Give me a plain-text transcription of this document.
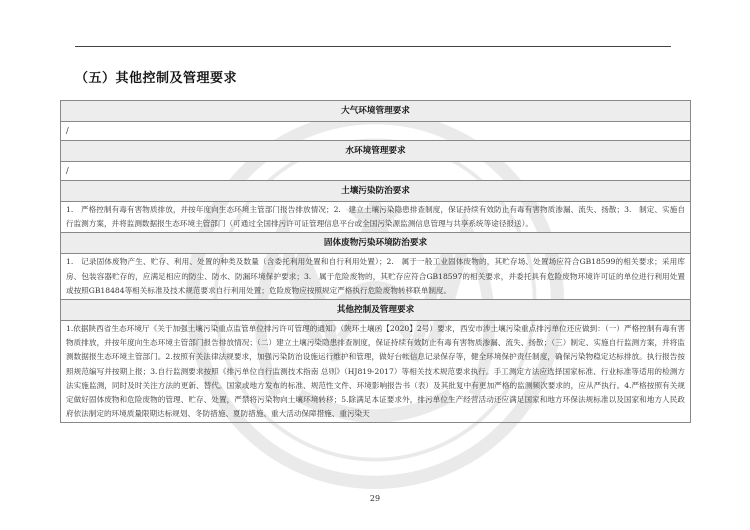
（五）其他控制及管理要求
大气环境管理要求
/
水环境管理要求
/
土壤污染防治要求
1.　严格控制有毒有害物质排放，并按年度向生态环境主管部门报告排放情况；2.　建立土壤污染隐患排查制度，保证持续有效防止有毒有害物质渗漏、流失、扬散；3.　制定、实施自行监测方案，并将监测数据报生态环境主管部门（可通过全国排污许可证管理信息平台或全国污染源监测信息管理与共享系统等途径报送）。
固体废物污染环境防治要求
1.　记录固体废物产生、贮存、利用、处置的种类及数量（含委托利用处置和自行利用处置）；2.　属于一般工业固体废物的，其贮存场、处置场应符合GB18599的相关要求；采用库房、包装容器贮存的，应满足相应的防尘、防水、防漏环境保护要求；3.　属于危险废物的，其贮存应符合GB18597的相关要求，并委托具有危险废物环境许可证的单位进行利用处置或按照GB18484等相关标准及技术规范要求自行利用处置；危险废物应按照规定严格执行危险废物转移联单制度。
其他控制及管理要求
1.依据陕西省生态环境厅《关于加强土壤污染重点监管单位排污许可管理的通知》（陕环土壤函【2020】2号）要求，西安市涉土壤污染重点排污单位还应做到：（一）严格控制有毒有害物质排放，并按年度向生态环境主管部门报告排放情况；（二）建立土壤污染隐患排查制度，保证持续有效防止有毒有害物质渗漏、流失、扬散；（三）制定、实施自行监测方案，并将监测数据报生态环境主管部门。2.按照有关法律法规要求，加强污染防治设施运行维护和管理，做好台帐信息记录保存等，健全环境保护责任制度，确保污染物稳定达标排放。执行报告按照规范编写并按期上报；3.自行监测要求按照《排污单位自行监测技术指南 总则》（HJ819-2017）等相关技术规范要求执行。手工测定方法应选择国家标准、行业标准等适用的检测方法实施监测，同时及时关注方法的更新、替代。国家或地方发布的标准、规范性文件、环境影响报告书（表）及其批复中有更加严格的监测频次要求的，应从严执行。4.严格按照有关规定做好固体废物和危险废物的管理、贮存、处置，严禁将污染物向土壤环境转移；5.除满足本证要求外，排污单位生产经营活动还应满足国家和地方环保法规标准以及国家和地方人民政府依法制定的环境质量限期达标规划、冬防措施、夏防措施、重大活动保障措施、重污染天
29
